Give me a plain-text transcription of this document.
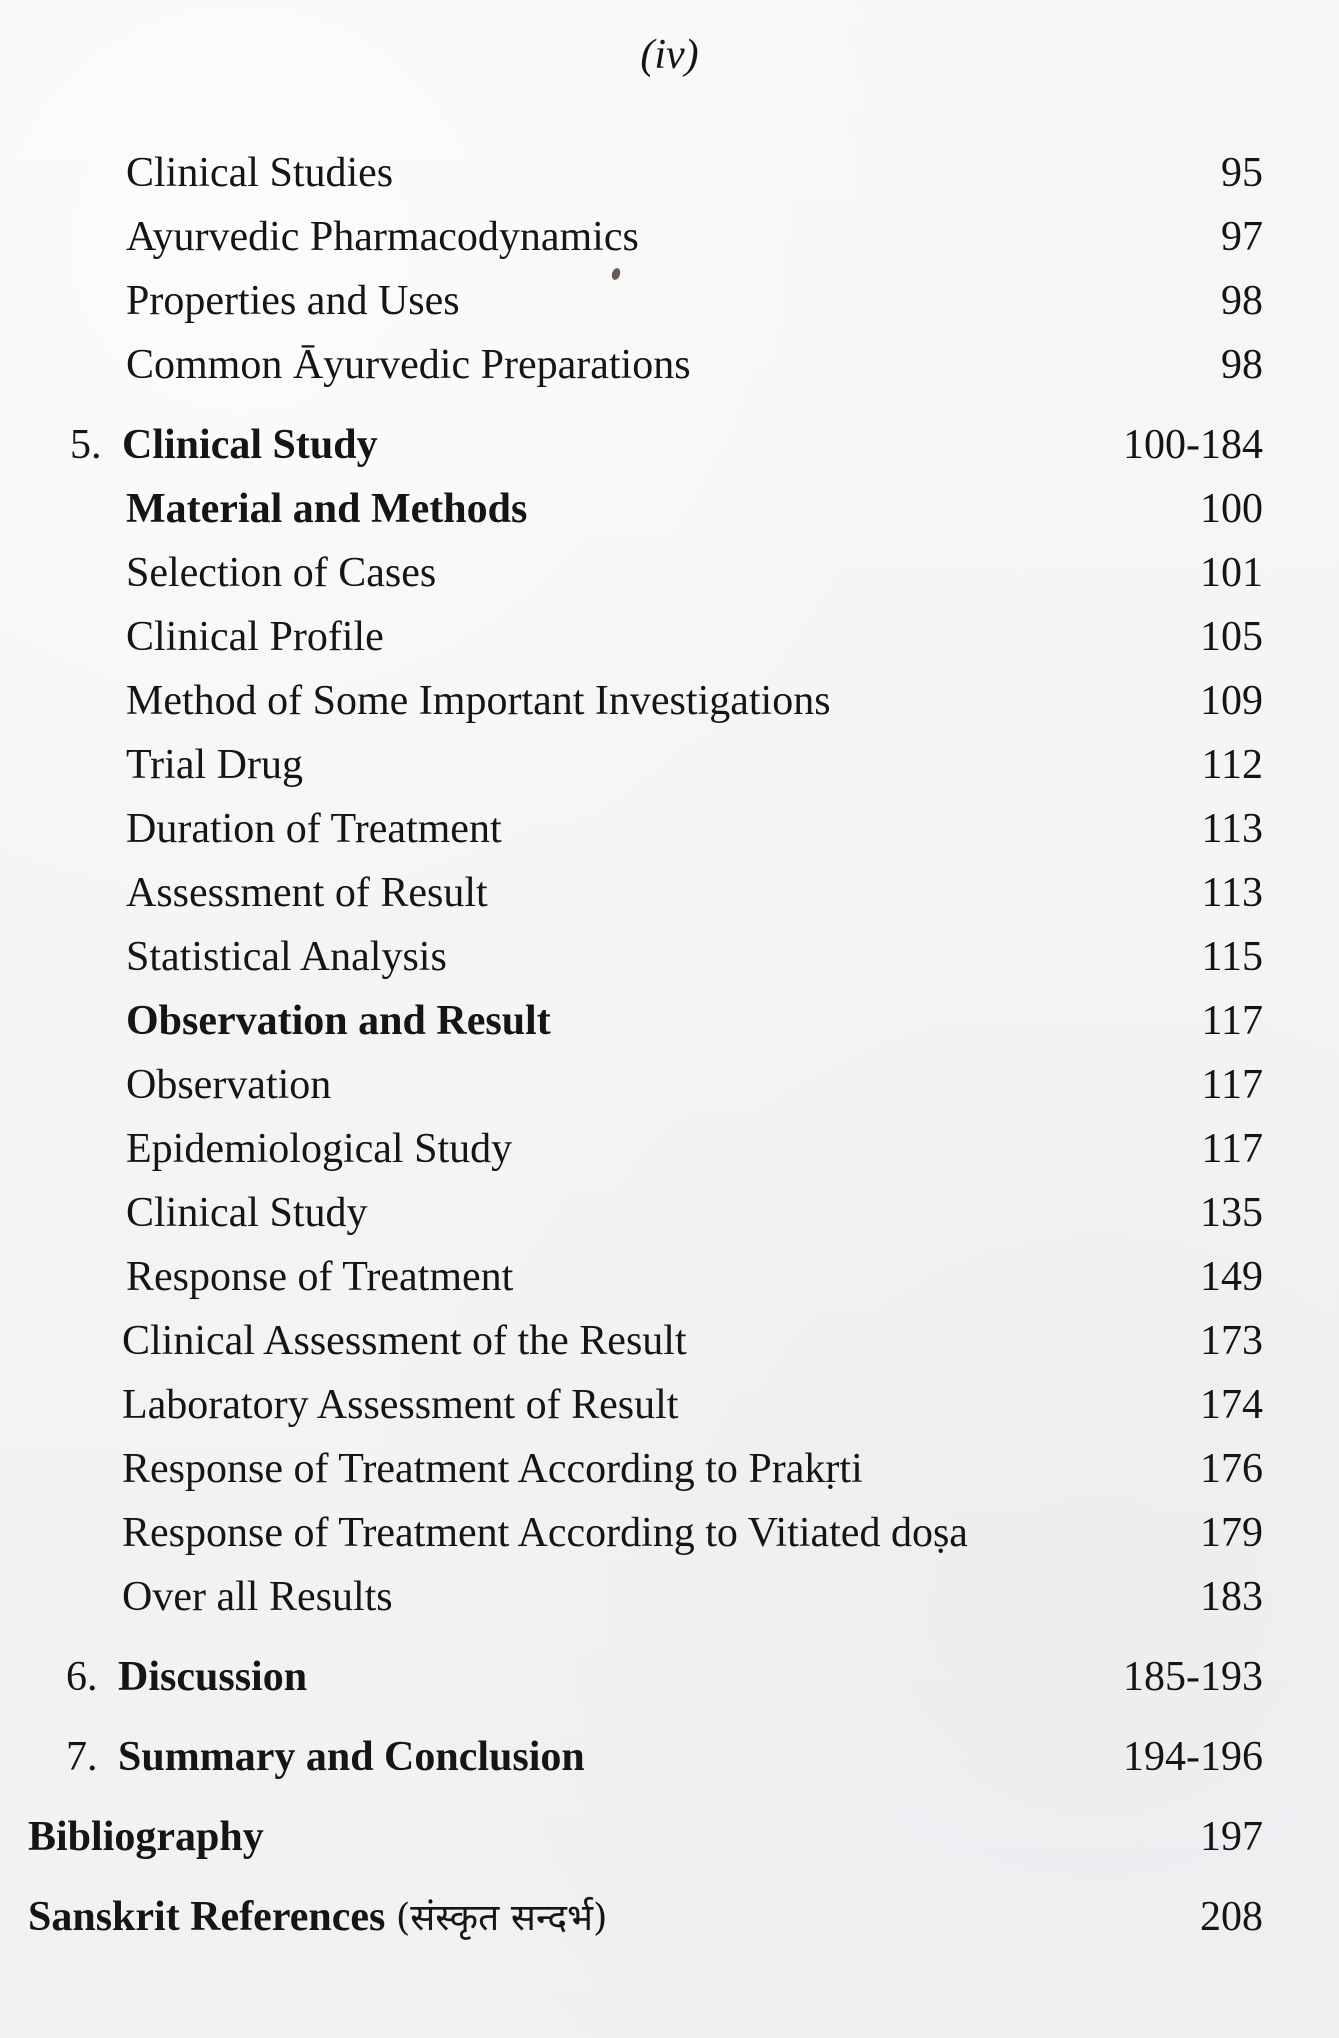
(iv)
Clinical Studies	95
Ayurvedic Pharmacodynamics	97
Properties and Uses	98
Common Āyurvedic Preparations	98
5. Clinical Study	100-184
Material and Methods	100
Selection of Cases	101
Clinical Profile	105
Method of Some Important Investigations	109
Trial Drug	112
Duration of Treatment	113
Assessment of Result	113
Statistical Analysis	115
Observation and Result	117
Observation	117
Epidemiological Study	117
Clinical Study	135
Response of Treatment	149
Clinical Assessment of the Result	173
Laboratory Assessment of Result	174
Response of Treatment According to Prakṛti	176
Response of Treatment According to Vitiated doṣa	179
Over all Results	183
6. Discussion	185-193
7. Summary and Conclusion	194-196
Bibliography	197
Sanskrit References (संस्कृत सन्दर्भ)	208
